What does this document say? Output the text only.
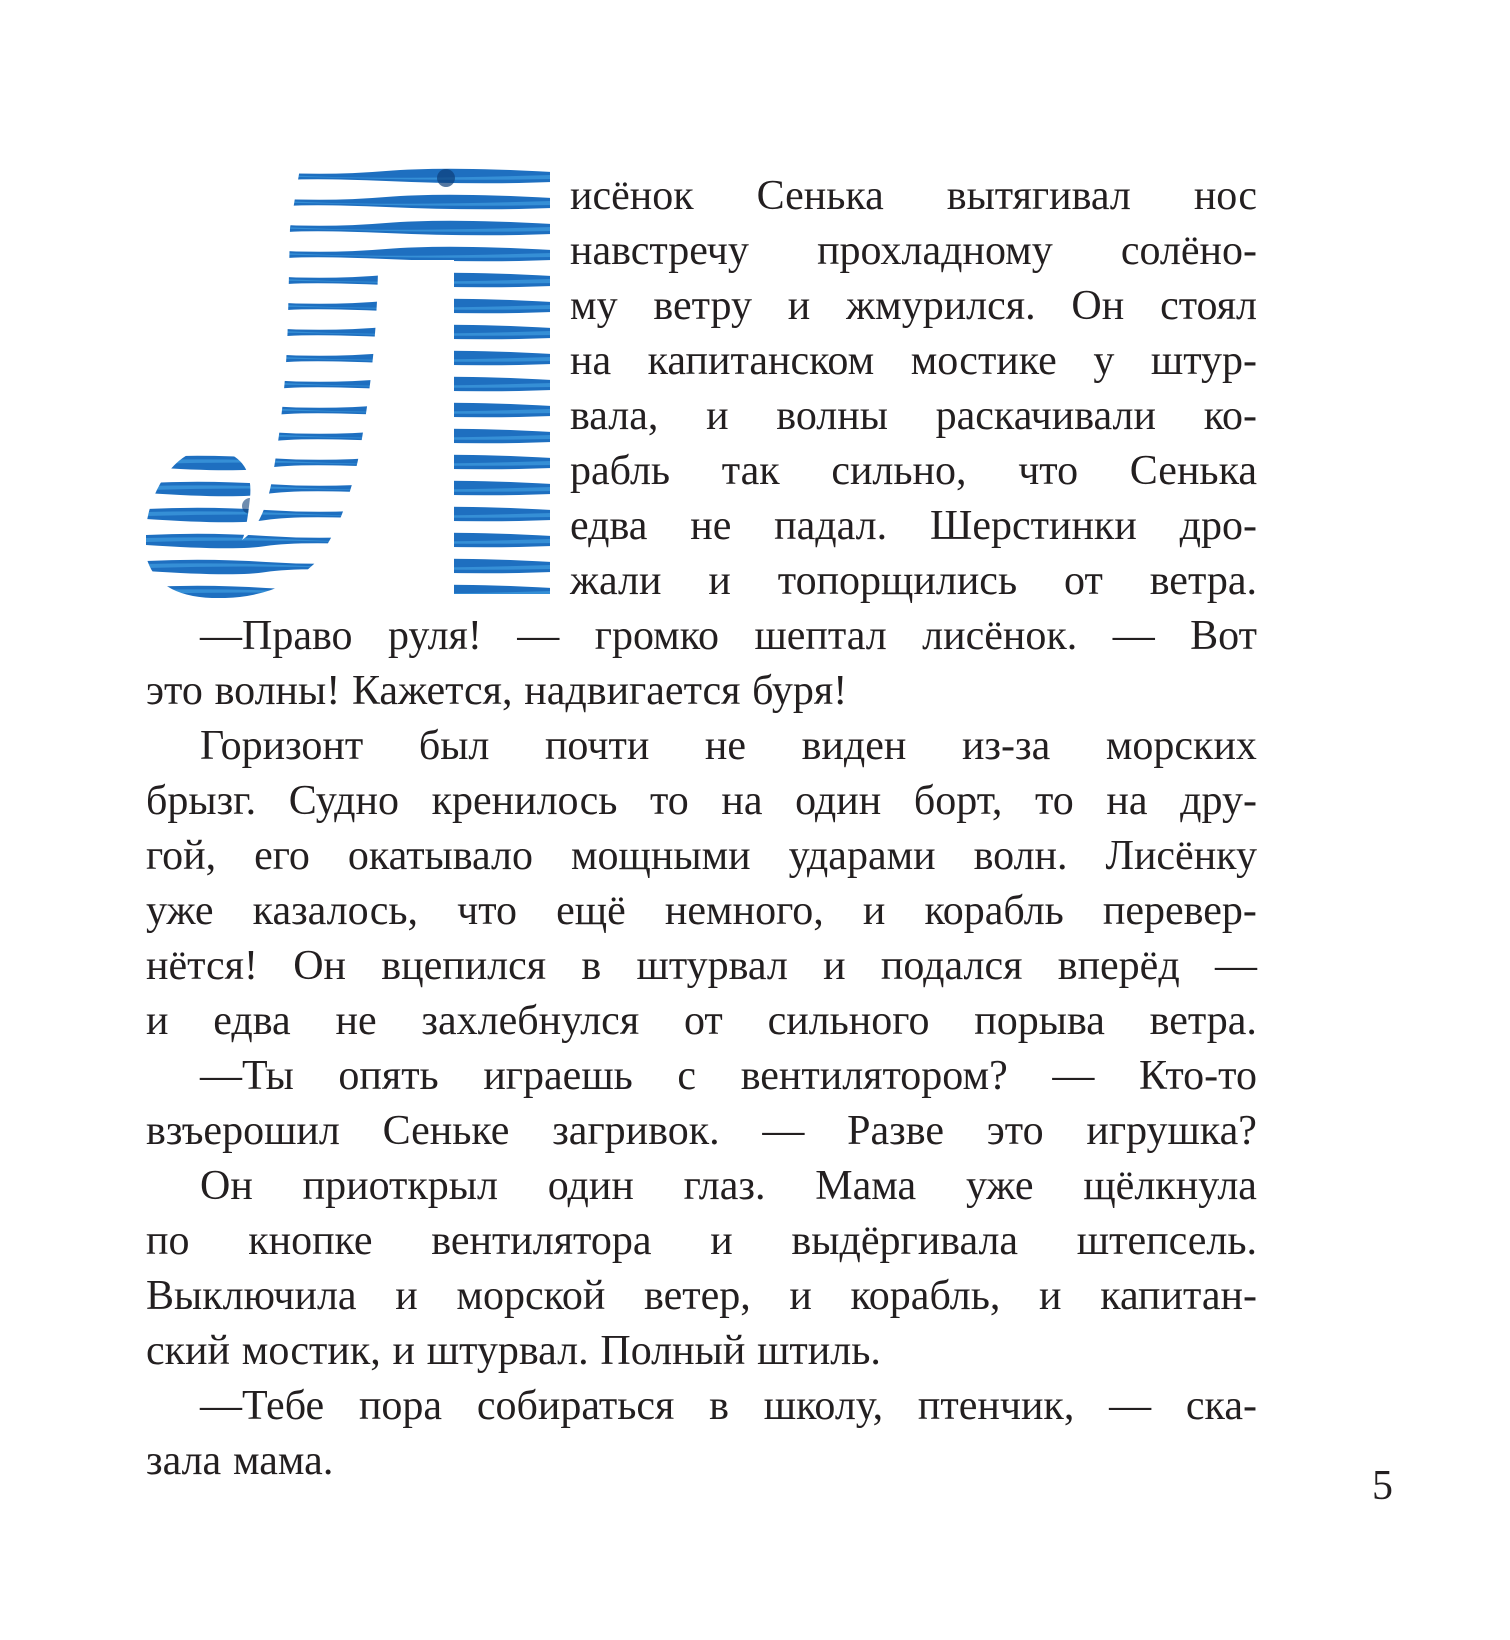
исёнок Сенька вытягивал нос
навстречу прохладному солёно-
му ветру и жмурился. Он стоял
на капитанском мостике у штур-
вала, и волны раскачивали ко-
рабль так сильно, что Сенька
едва не падал. Шерстинки дро-
жали и топорщились от ветра.
—Право руля! — громко шептал лисёнок. — Вот
это волны! Кажется, надвигается буря!
Горизонт был почти не виден из-за морских
брызг. Судно кренилось то на один борт, то на дру-
гой, его окатывало мощными ударами волн. Лисёнку
уже казалось, что ещё немного, и корабль перевер-
нётся! Он вцепился в штурвал и подался вперёд —
и едва не захлебнулся от сильного порыва ветра.
—Ты опять играешь с вентилятором? — Кто-то
взъерошил Сеньке загривок. — Разве это игрушка?
Он приоткрыл один глаз. Мама уже щёлкнула
по кнопке вентилятора и выдёргивала штепсель.
Выключила и морской ветер, и корабль, и капитан-
ский мостик, и штурвал. Полный штиль.
—Тебе пора собираться в школу, птенчик, — ска-
зала мама.
5
